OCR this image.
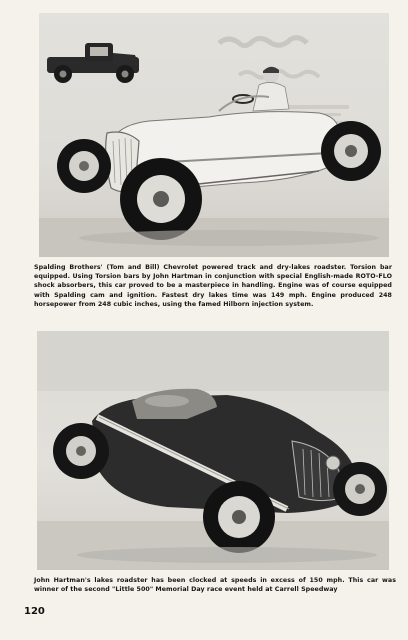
Spalding Brothers' (Tom and Bill) Chevrolet powered track and dry-lakes roadster. Torsion bar equipped. Using Torsion bars by John Hartman in conjunction with special English-made ROTO-FLO shock absorbers, this car proved to be a masterpiece in handling. Engine was of course equipped with Spalding cam and ignition. Fastest dry lakes time was 149 mph. Engine produced 248 horsepower from 248 cubic inches, using the famed Hilborn injection system.

John Hartman's lakes roadster has been clocked at speeds in excess of 150 mph. This car was winner of the second "Little 500" Memorial Day race event held at Carrell Speedway

120
